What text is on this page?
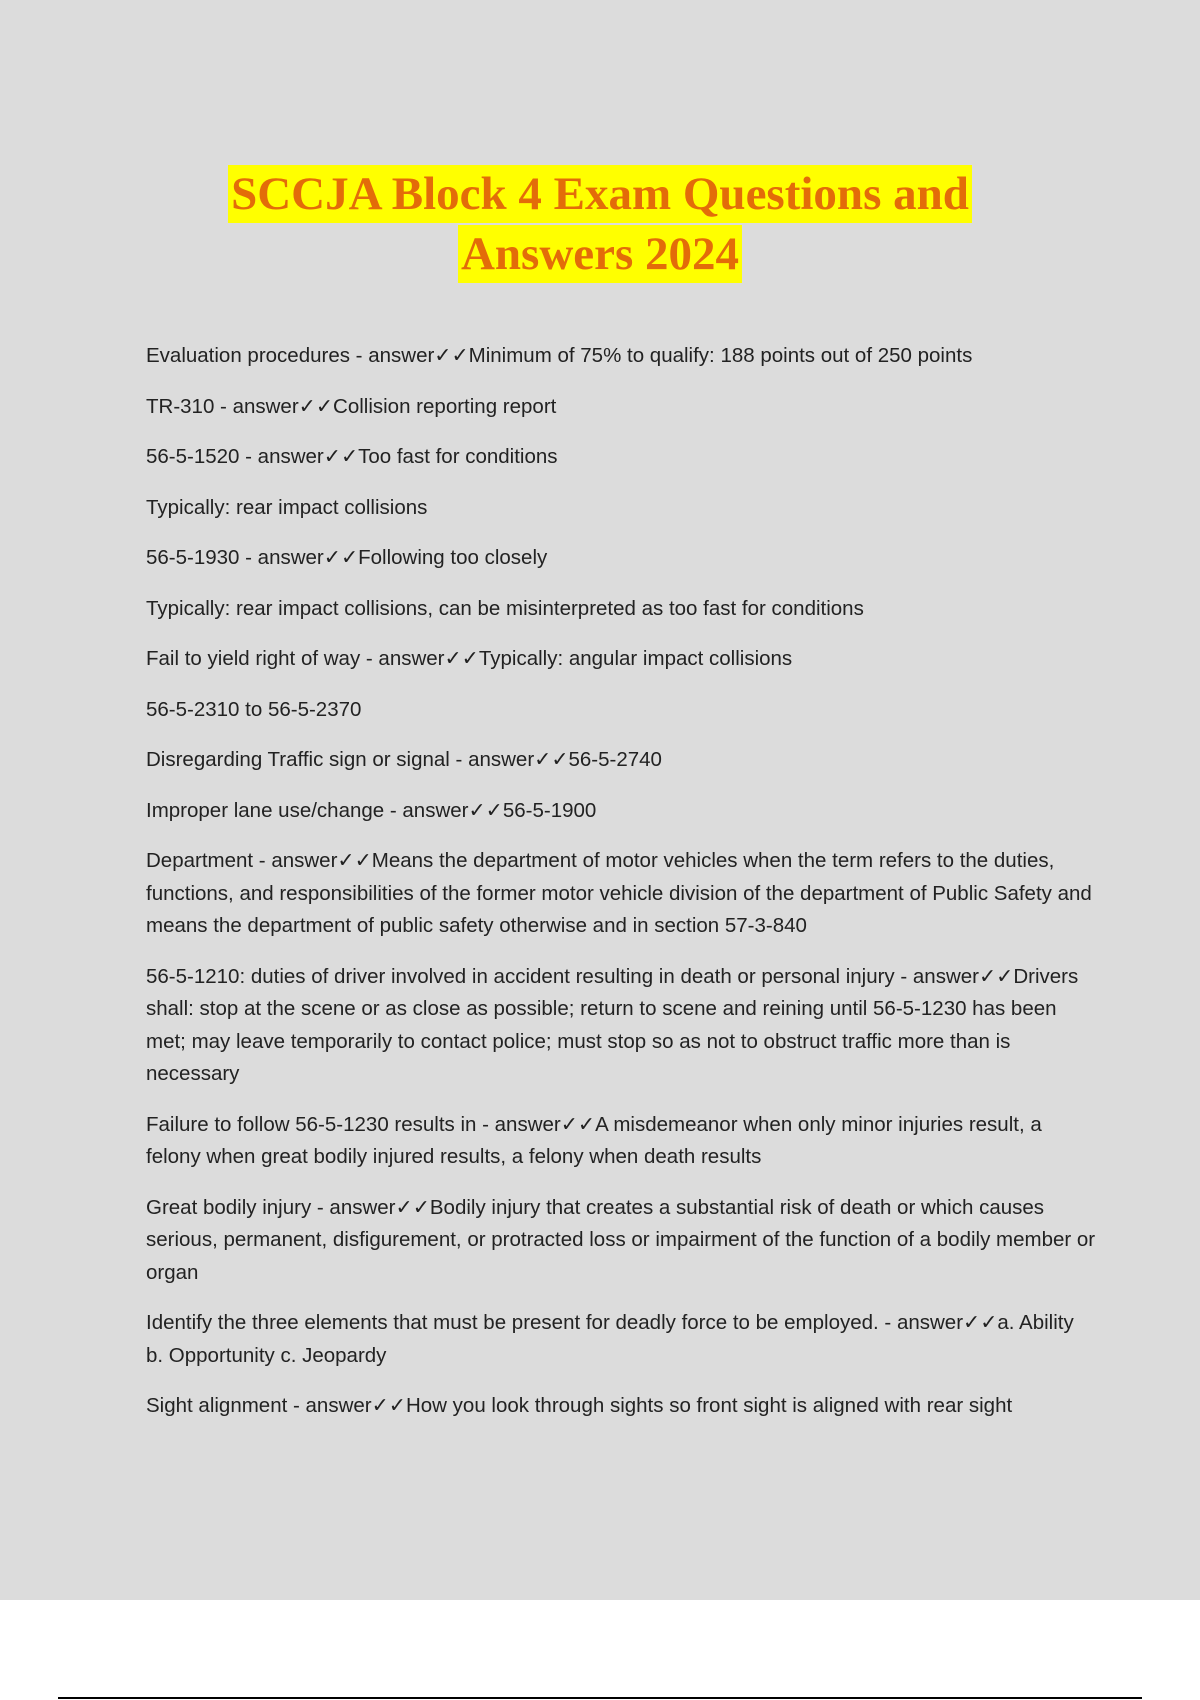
SCCJA Block 4 Exam Questions and
Answers 2024

Evaluation procedures - answer✓✓Minimum of 75% to qualify: 188 points out of 250 points

TR-310 - answer✓✓Collision reporting report

56-5-1520 - answer✓✓Too fast for conditions

Typically: rear impact collisions

56-5-1930 - answer✓✓Following too closely

Typically: rear impact collisions, can be misinterpreted as too fast for conditions

Fail to yield right of way - answer✓✓Typically: angular impact collisions

56-5-2310 to 56-5-2370

Disregarding Traffic sign or signal - answer✓✓56-5-2740

Improper lane use/change - answer✓✓56-5-1900

Department - answer✓✓Means the department of motor vehicles when the term refers to the duties, functions, and responsibilities of the former motor vehicle division of the department of Public Safety and means the department of public safety otherwise and in section 57-3-840

56-5-1210: duties of driver involved in accident resulting in death or personal injury - answer✓✓Drivers shall: stop at the scene or as close as possible; return to scene and reining until 56-5-1230 has been met; may leave temporarily to contact police; must stop so as not to obstruct traffic more than is necessary

Failure to follow 56-5-1230 results in - answer✓✓A misdemeanor when only minor injuries result, a felony when great bodily injured results, a felony when death results

Great bodily injury - answer✓✓Bodily injury that creates a substantial risk of death or which causes serious, permanent, disfigurement, or protracted loss or impairment of the function of a bodily member or organ

Identify the three elements that must be present for deadly force to be employed. - answer✓✓a. Ability b. Opportunity c. Jeopardy

Sight alignment - answer✓✓How you look through sights so front sight is aligned with rear sight
